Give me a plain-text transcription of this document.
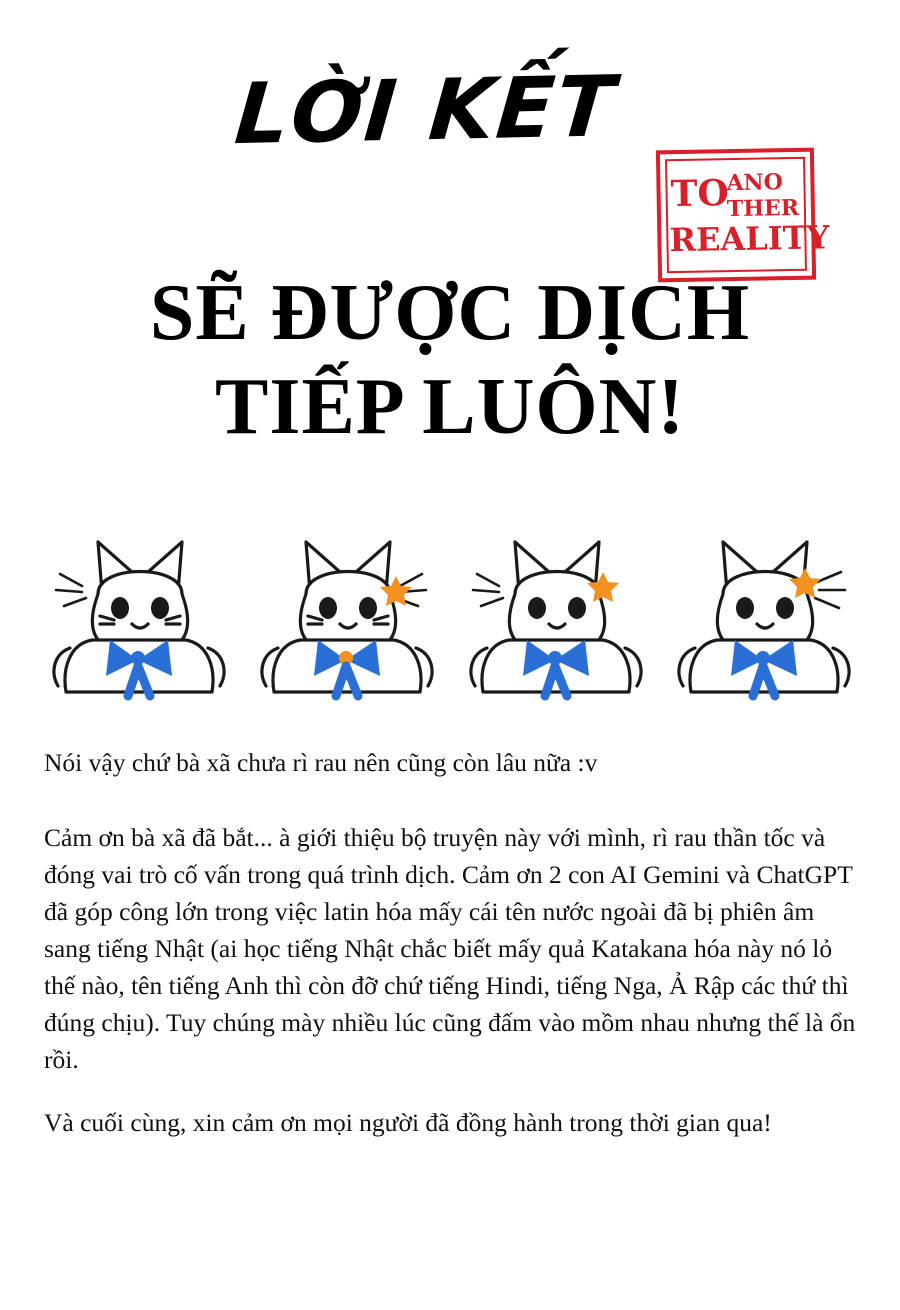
LỜI KẾT
TO
ANO
THER
REALITY
SẼ ĐƯỢC DỊCH
TIẾP LUÔN!

Nói vậy chứ bà xã chưa rì rau nên cũng còn lâu nữa :v

Cảm ơn bà xã đã bắt... à giới thiệu bộ truyện này với mình, rì rau thần tốc và đóng vai trò cố vấn trong quá trình dịch. Cảm ơn 2 con AI Gemini và ChatGPT đã góp công lớn trong việc latin hóa mấy cái tên nước ngoài đã bị phiên âm sang tiếng Nhật (ai học tiếng Nhật chắc biết mấy quả Katakana hóa này nó lỏ thế nào, tên tiếng Anh thì còn đỡ chứ tiếng Hindi, tiếng Nga, Ả Rập các thứ thì đúng chịu). Tuy chúng mày nhiều lúc cũng đấm vào mồm nhau nhưng thế là ổn rồi.

Và cuối cùng, xin cảm ơn mọi người đã đồng hành trong thời gian qua!
